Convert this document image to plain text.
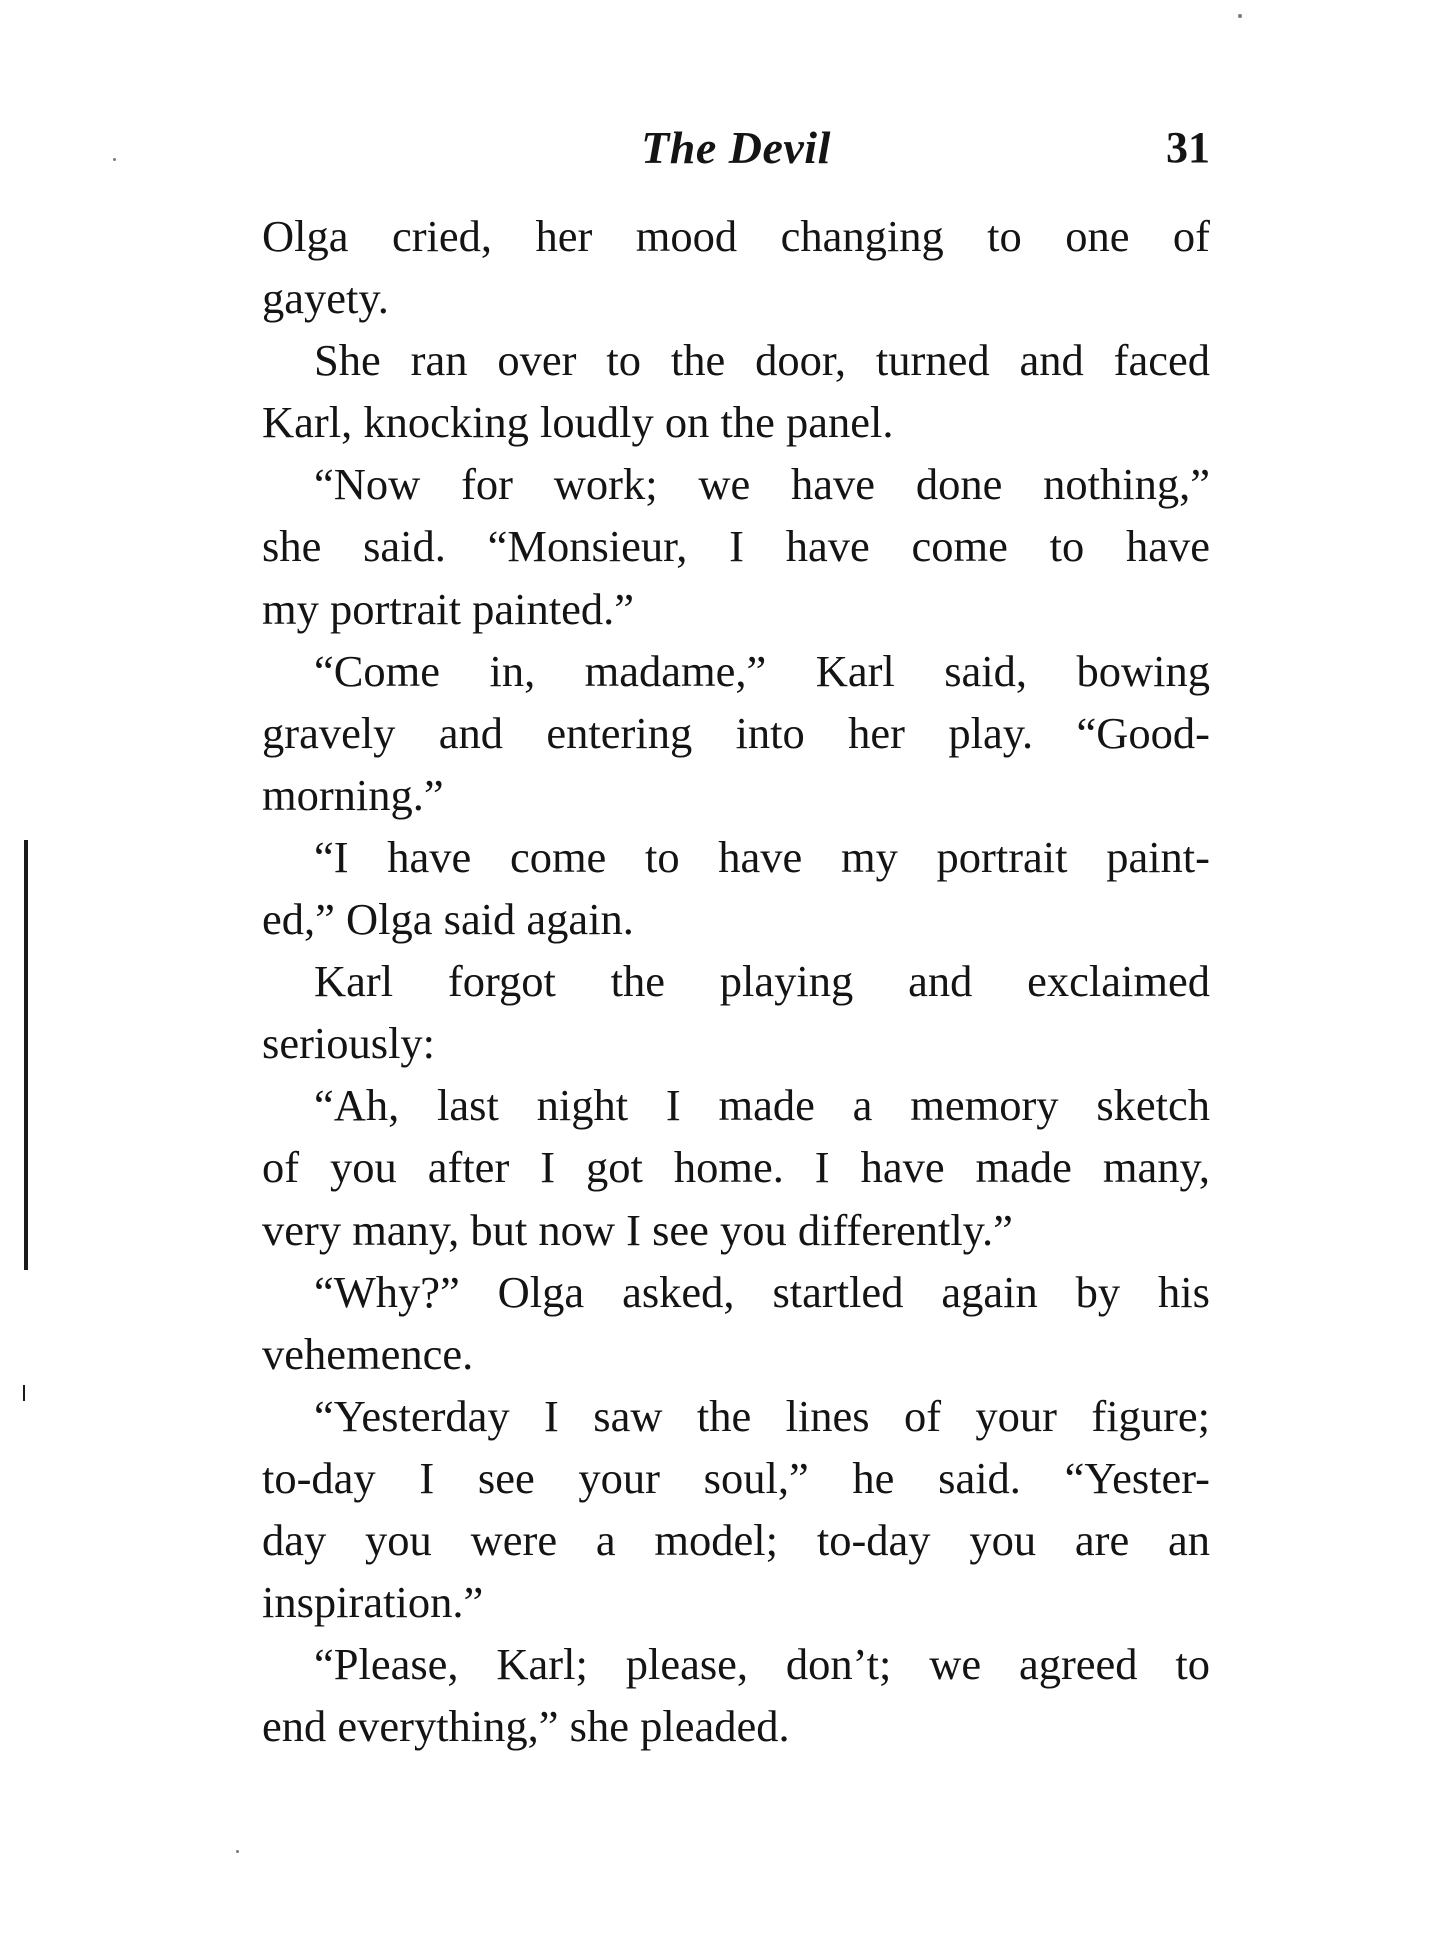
The Devil	31
Olga cried, her mood changing to one of
gayety.
She ran over to the door, turned and faced
Karl, knocking loudly on the panel.
“Now for work; we have done nothing,”
she said. “Monsieur, I have come to have
my portrait painted.”
“Come in, madame,” Karl said, bowing
gravely and entering into her play. “Good-
morning.”
“I have come to have my portrait paint-
ed,” Olga said again.
Karl forgot the playing and exclaimed
seriously:
“Ah, last night I made a memory sketch
of you after I got home. I have made many,
very many, but now I see you differently.”
“Why?” Olga asked, startled again by his
vehemence.
“Yesterday I saw the lines of your figure;
to-day I see your soul,” he said. “Yester-
day you were a model; to-day you are an
inspiration.”
“Please, Karl; please, don’t; we agreed to
end everything,” she pleaded.
